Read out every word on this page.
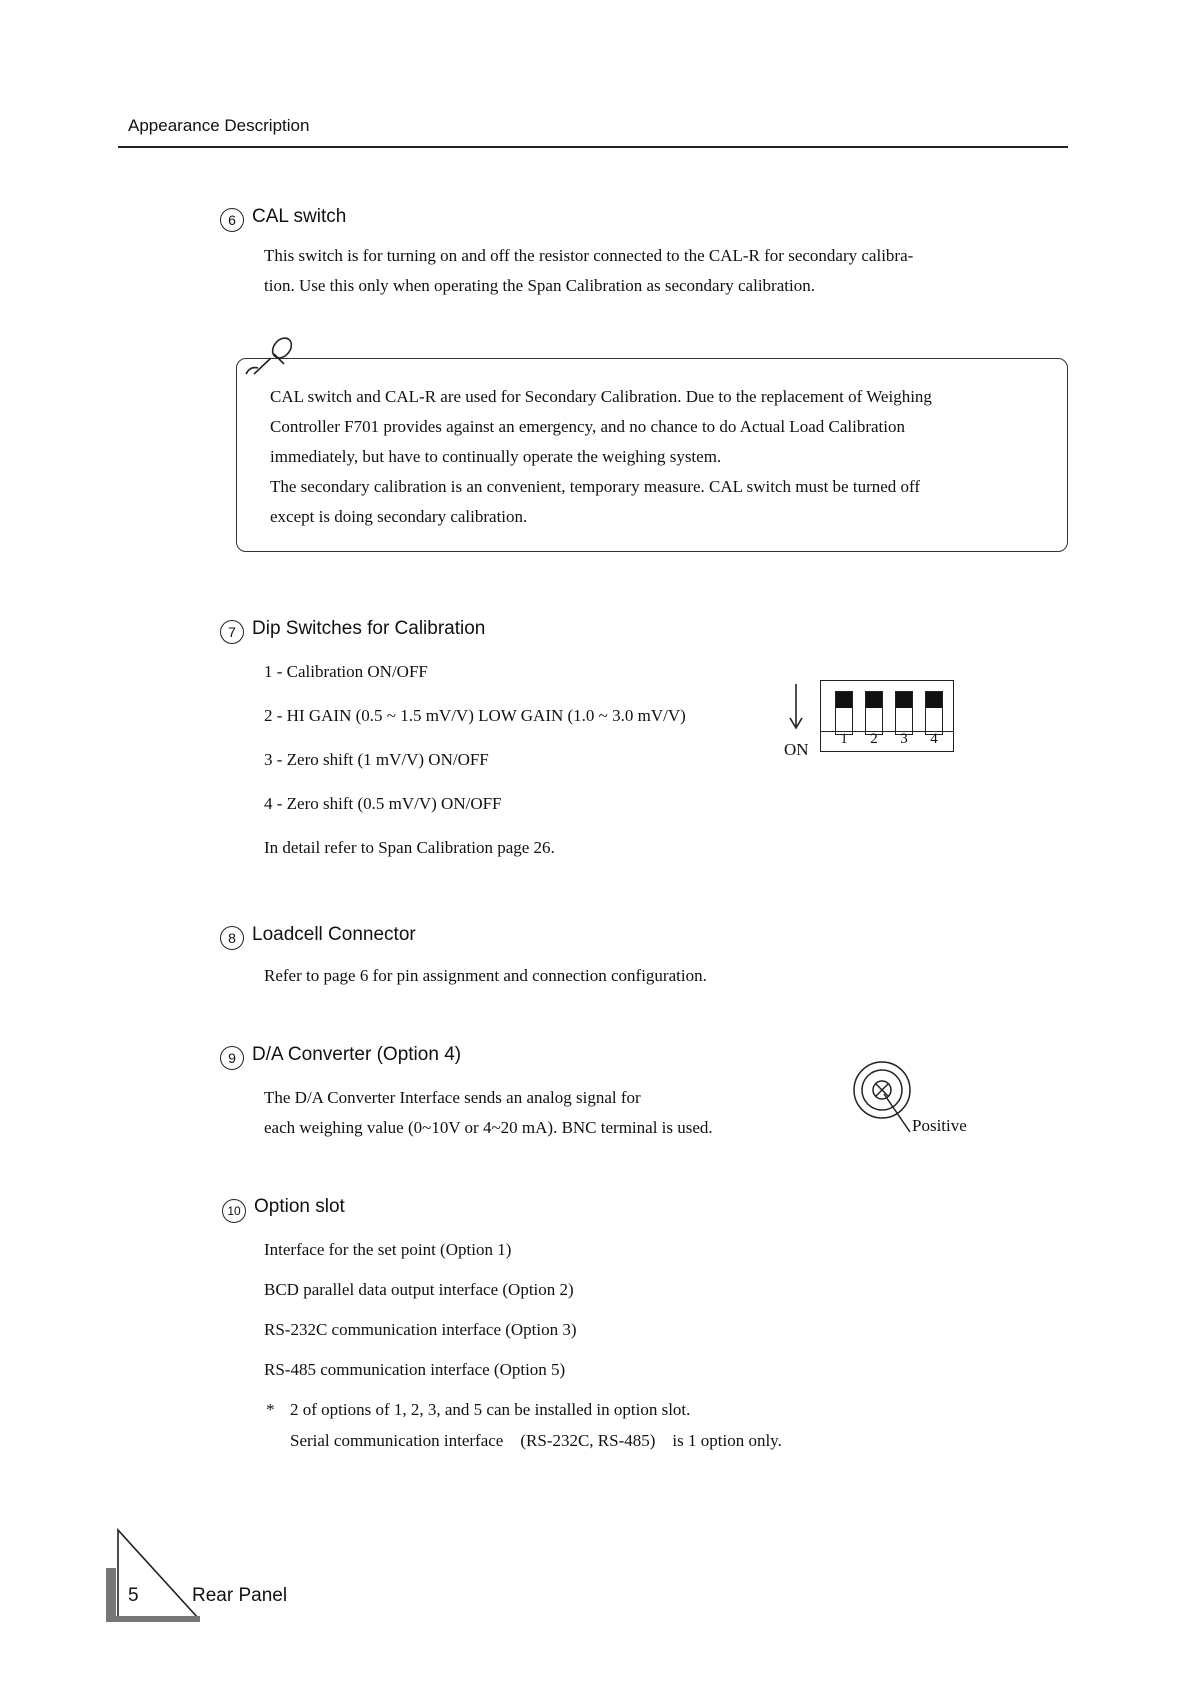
Appearance Description
6 CAL switch
This switch is for turning on and off the resistor connected to the CAL-R for secondary calibra-
tion. Use this only when operating the Span Calibration as secondary calibration.
CAL switch and CAL-R are used for Secondary Calibration. Due to the replacement of Weighing
Controller F701 provides against an emergency, and no chance to do Actual Load Calibration
immediately, but have to continually operate the weighing system.
The secondary calibration is an convenient, temporary measure. CAL switch must be turned off
except is doing secondary calibration.
7 Dip Switches for Calibration
1 - Calibration ON/OFF
2 - HI GAIN (0.5 ~ 1.5 mV/V) LOW GAIN (1.0 ~ 3.0 mV/V)
3 - Zero shift (1 mV/V) ON/OFF
4 - Zero shift (0.5 mV/V) ON/OFF
In detail refer to Span Calibration page 26.
ON
1 2 3 4
8 Loadcell Connector
Refer to page 6 for pin assignment and connection configuration.
9 D/A Converter (Option 4)
The D/A Converter Interface sends an analog signal for
each weighing value (0~10V or 4~20 mA). BNC terminal is used.	Positive
10 Option slot
Interface for the set point (Option 1)
BCD parallel data output interface (Option 2)
RS-232C communication interface (Option 3)
RS-485 communication interface (Option 5)
* 2 of options of 1, 2, 3, and 5 can be installed in option slot.
Serial communication interface　(RS-232C, RS-485)　is 1 option only.
5	Rear Panel
